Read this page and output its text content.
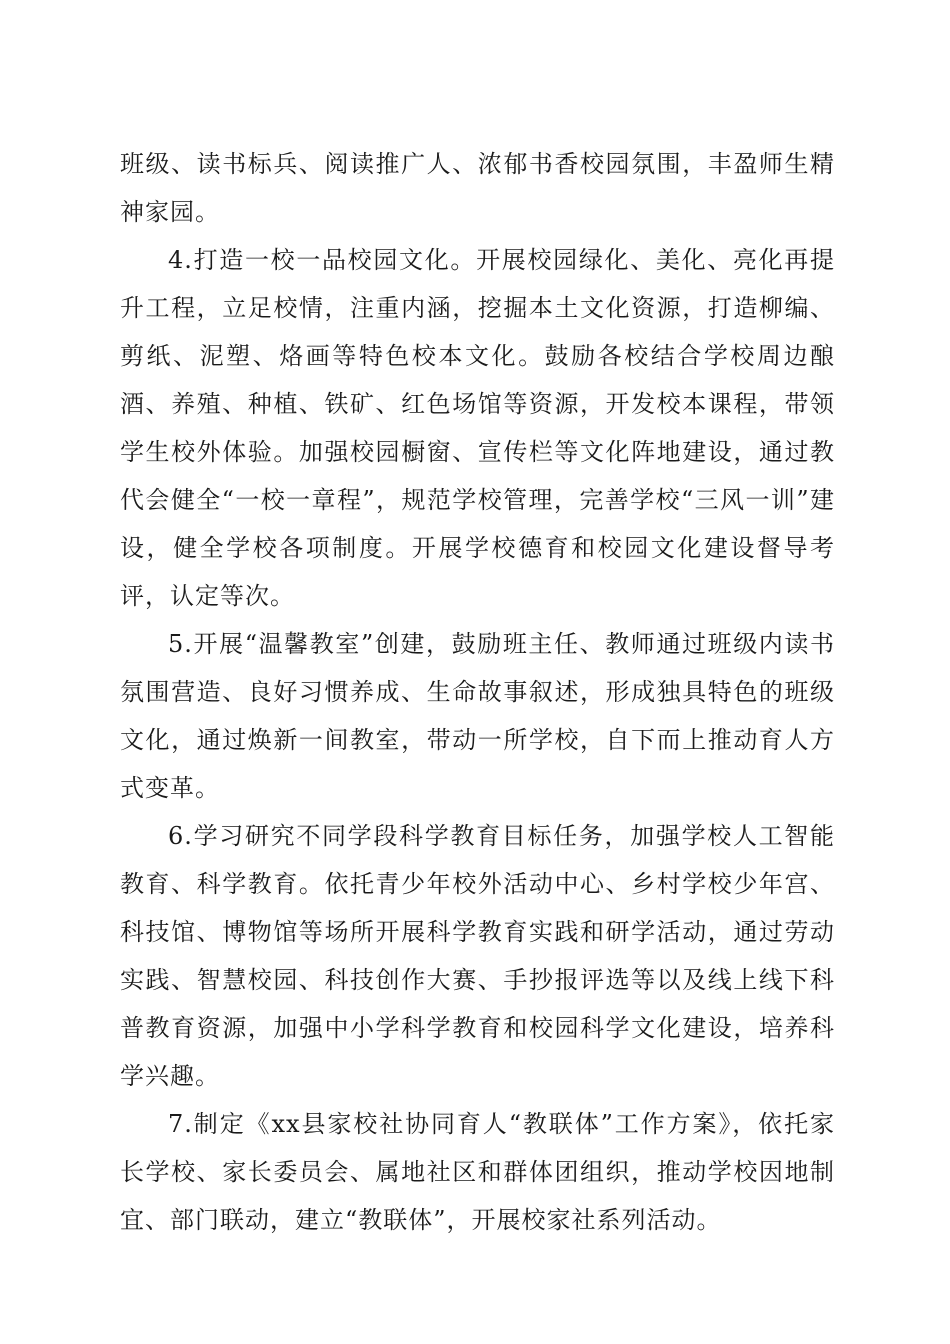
班级、读书标兵、阅读推广人、浓郁书香校园氛围，丰盈师生精神家园。

4.打造一校一品校园文化。开展校园绿化、美化、亮化再提升工程，立足校情，注重内涵，挖掘本土文化资源，打造柳编、剪纸、泥塑、烙画等特色校本文化。鼓励各校结合学校周边酿酒、养殖、种植、铁矿、红色场馆等资源，开发校本课程，带领学生校外体验。加强校园橱窗、宣传栏等文化阵地建设，通过教代会健全“一校一章程”，规范学校管理，完善学校“三风一训”建设，健全学校各项制度。开展学校德育和校园文化建设督导考评，认定等次。

5.开展“温馨教室”创建，鼓励班主任、教师通过班级内读书氛围营造、良好习惯养成、生命故事叙述，形成独具特色的班级文化，通过焕新一间教室，带动一所学校，自下而上推动育人方式变革。

6.学习研究不同学段科学教育目标任务，加强学校人工智能教育、科学教育。依托青少年校外活动中心、乡村学校少年宫、科技馆、博物馆等场所开展科学教育实践和研学活动，通过劳动实践、智慧校园、科技创作大赛、手抄报评选等以及线上线下科普教育资源，加强中小学科学教育和校园科学文化建设，培养科学兴趣。

7.制定《xx县家校社协同育人“教联体”工作方案》，依托家长学校、家长委员会、属地社区和群体团组织，推动学校因地制宜、部门联动，建立“教联体”，开展校家社系列活动。
